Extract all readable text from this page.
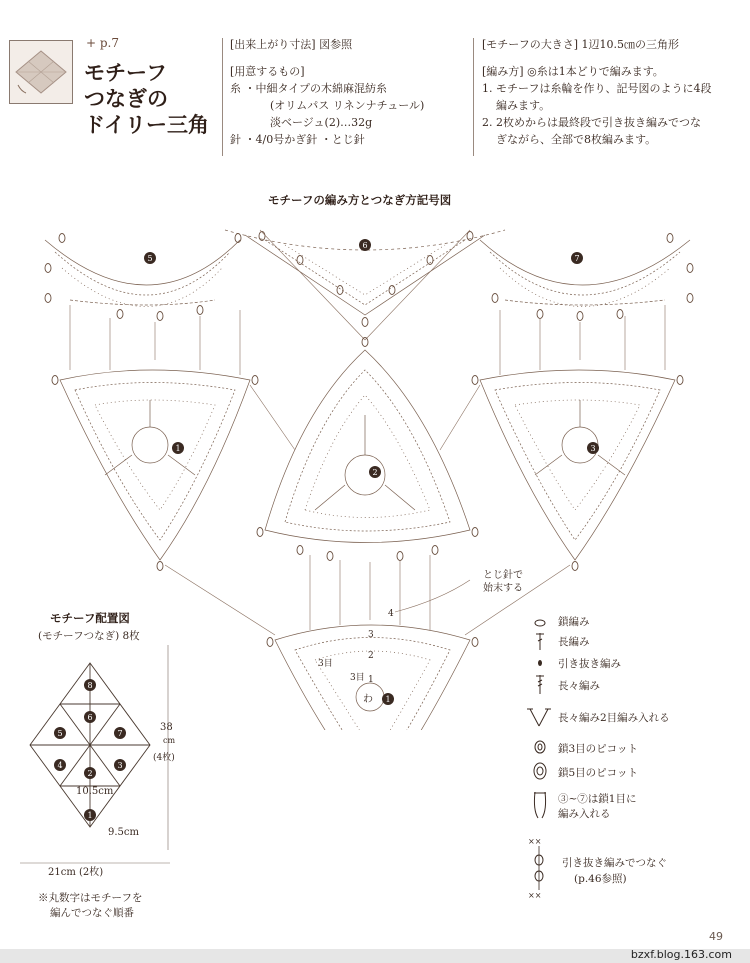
+ p.7
モチーフ
つなぎの
ドイリー三角
[出来上がり寸法] 図参照
[用意するもの]
糸 ・中細タイプの木綿麻混紡糸
(オリムパス リネンナチュール)
淡ベージュ(2)…32g
針 ・4/0号かぎ針 ・とじ針
[モチーフの大きさ] 1辺10.5㎝の三角形
[編み方] ◎糸は1本どりで編みます。
1. モチーフは糸輪を作り、記号図のように4段
編みます。
2. 2枚めからは最終段で引き抜き編みでつな
ぎながら、全部で8枚編みます。
モチーフの編み方とつなぎ方記号図
5
6
7
1
2
3
1
4
3
2
1
3目
3目
わ
とじ針で
始末する
モチーフ配置図
(モチーフつなぎ) 8枚
8
6
5	7
4
2
3
1
10.5cm
9.5cm
38
cm
(4枚)
21cm (2枚)
※丸数字はモチーフを
編んでつなぐ順番
鎖編み
長編み
引き抜き編み
長々編み
長々編み2目編み入れる
鎖3目のピコット
鎖5目のピコット
③~⑦は鎖1目に
編み入れる
××
××
引き抜き編みでつなぐ
(p.46参照)
49
bzxf.blog.163.com
